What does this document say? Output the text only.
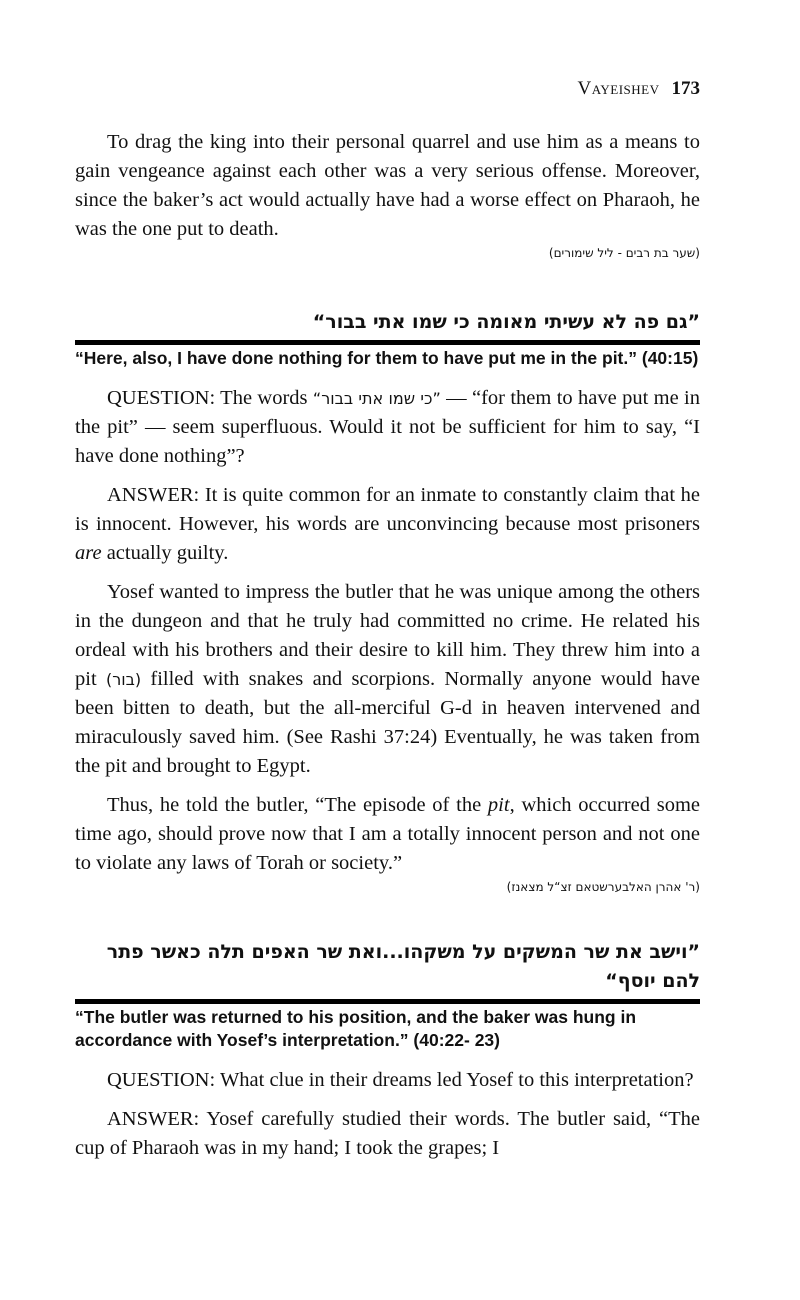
Vayeishev 173

To drag the king into their personal quarrel and use him as a means to gain vengeance against each other was a very serious offense. Moreover, since the baker’s act would actually have had a worse effect on Pharaoh, he was the one put to death.

(שער בת רבים - ליל שימורים)

”גם פה לא עשיתי מאומה כי שמו אתי בבור“

“Here, also, I have done nothing for them to have put me in the pit.” (40:15)

QUESTION: The words ”כי שמו אתי בבור“ — “for them to have put me in the pit” — seem superfluous. Would it not be sufficient for him to say, “I have done nothing”?

ANSWER: It is quite common for an inmate to constantly claim that he is innocent. However, his words are unconvincing because most prisoners are actually guilty.

Yosef wanted to impress the butler that he was unique among the others in the dungeon and that he truly had committed no crime. He related his ordeal with his brothers and their desire to kill him. They threw him into a pit (בור) filled with snakes and scorpions. Normally anyone would have been bitten to death, but the all-merciful G-d in heaven intervened and miraculously saved him. (See Rashi 37:24) Eventually, he was taken from the pit and brought to Egypt.

Thus, he told the butler, “The episode of the pit, which occurred some time ago, should prove now that I am a totally innocent person and not one to violate any laws of Torah or society.”

(ר' אהרן האלבערשטאם זצ“ל מצאנז)

”וישב את שר המשקים על משקהו...ואת שר האפים תלה כאשר פתר להם יוסף“

“The butler was returned to his position, and the baker was hung in accordance with Yosef’s interpretation.” (40:22- 23)

QUESTION: What clue in their dreams led Yosef to this interpretation?

ANSWER: Yosef carefully studied their words. The butler said, “The cup of Pharaoh was in my hand; I took the grapes; I
